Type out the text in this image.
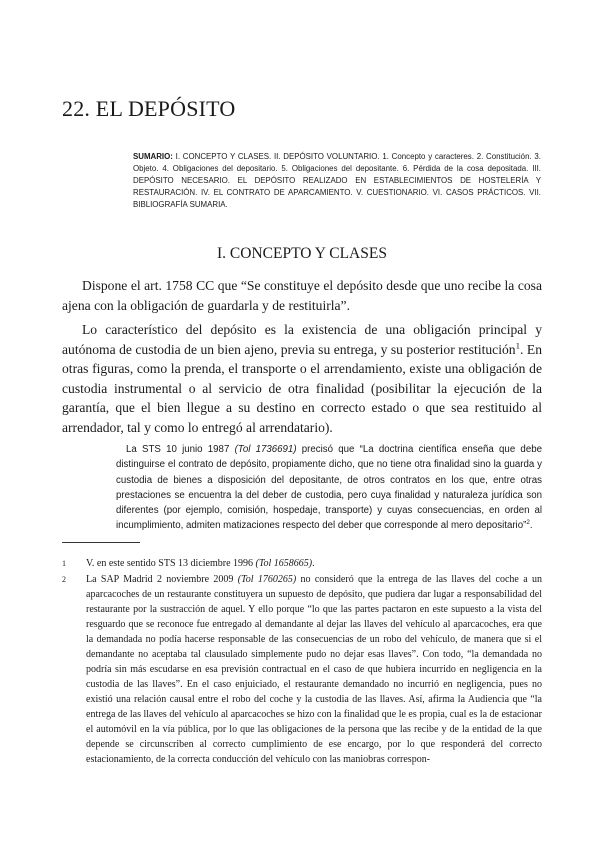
22. EL DEPÓSITO
SUMARIO: I. CONCEPTO Y CLASES. II. DEPÓSITO VOLUNTARIO. 1. Concepto y caracteres. 2. Constitución. 3. Objeto. 4. Obligaciones del depositario. 5. Obligaciones del depositante. 6. Pérdida de la cosa depositada. III. DEPÓSITO NECESARIO. EL DEPÓSITO REALIZADO EN ESTABLECIMIENTOS DE HOSTELERÍA Y RESTAURACIÓN. IV. EL CONTRATO DE APARCAMIENTO. V. CUESTIONARIO. VI. CASOS PRÁCTICOS. VII. BIBLIOGRAFÍA SUMARIA.
I. CONCEPTO Y CLASES

Dispone el art. 1758 CC que “Se constituye el depósito desde que uno recibe la cosa ajena con la obligación de guardarla y de restituirla”.

Lo característico del depósito es la existencia de una obligación principal y autónoma de custodia de un bien ajeno, previa su entrega, y su posterior restitución$^1$. En otras figuras, como la prenda, el transporte o el arrendamiento, existe una obligación de custodia instrumental o al servicio de otra finalidad (posibilitar la ejecución de la garantía, que el bien llegue a su destino en correcto estado o que sea restituido al arrendador, tal y como lo entregó al arrendatario).

La STS 10 junio 1987 (Tol 1736691) precisó que “La doctrina científica enseña que debe distinguirse el contrato de depósito, propiamente dicho, que no tiene otra finalidad sino la guarda y custodia de bienes a disposición del depositante, de otros contratos en los que, entre otras prestaciones se encuentra la del deber de custodia, pero cuya finalidad y naturaleza jurídica son diferentes (por ejemplo, comisión, hospedaje, transporte) y cuyas consecuencias, en orden al incumplimiento, admiten matizaciones respecto del deber que corresponde al mero depositario”$^2$.

1	V. en este sentido STS 13 diciembre 1996 (Tol 1658665).
2	La SAP Madrid 2 noviembre 2009 (Tol 1760265) no consideró que la entrega de las llaves del coche a un aparcacoches de un restaurante constituyera un supuesto de depósito, que pudiera dar lugar a responsabilidad del restaurante por la sustracción de aquel. Y ello porque “lo que las partes pactaron en este supuesto a la vista del resguardo que se reconoce fue entregado al demandante al dejar las llaves del vehículo al aparcacoches, era que la demandada no podía hacerse responsable de las consecuencias de un robo del vehículo, de manera que si el demandante no aceptaba tal clausulado simplemente pudo no dejar esas llaves”. Con todo, “la demandada no podría sin más escudarse en esa previsión contractual en el caso de que hubiera incurrido en negligencia en la custodia de las llaves”. En el caso enjuiciado, el restaurante demandado no incurrió en negligencia, pues no existió una relación causal entre el robo del coche y la custodia de las llaves. Así, afirma la Audiencia que “la entrega de las llaves del vehículo al aparcacoches se hizo con la finalidad que le es propia, cual es la de estacionar el automóvil en la vía pública, por lo que las obligaciones de la persona que las recibe y de la entidad de la que depende se circunscriben al correcto cumplimiento de ese encargo, por lo que responderá del correcto estacionamiento, de la correcta conducción del vehículo con las maniobras correspon-
